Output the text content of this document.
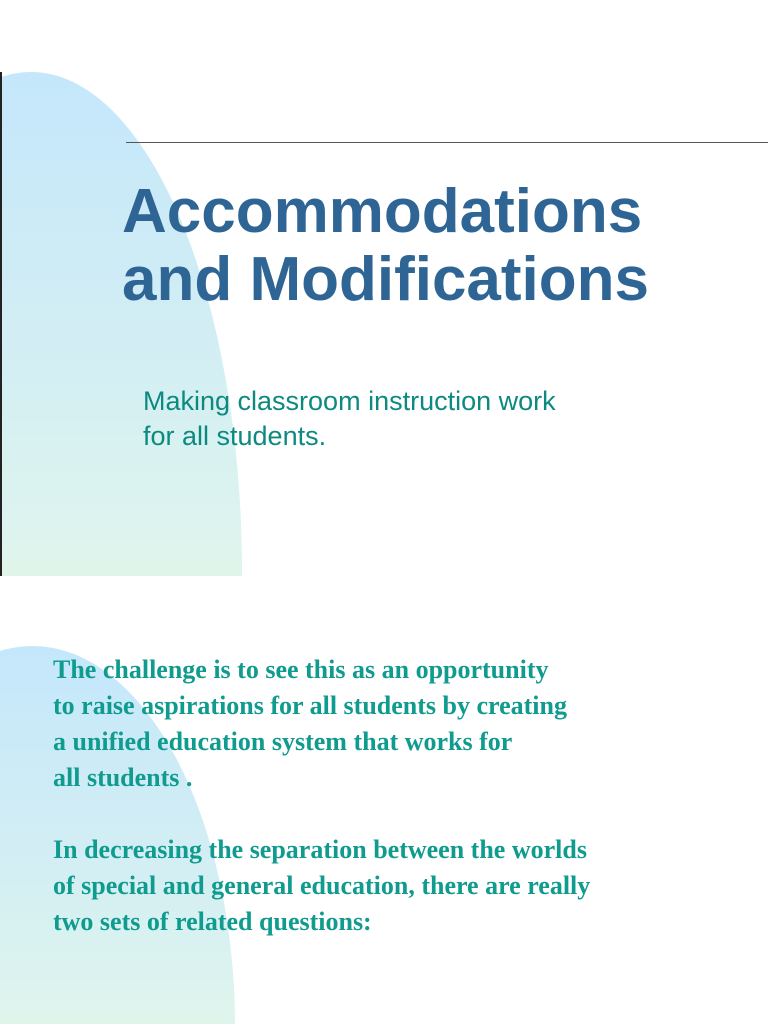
Accommodations
and Modifications

Making classroom instruction work
for all students.

The challenge is to see this as an opportunity
to raise aspirations for all students by creating
a unified education system that works for
all students .

In decreasing the separation between the worlds
of special and general education, there are really
two sets of related questions:
